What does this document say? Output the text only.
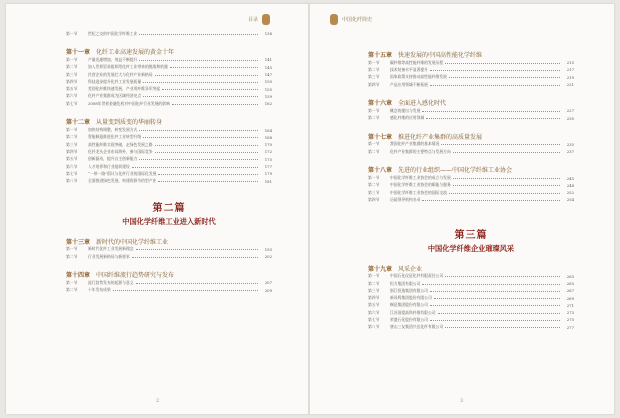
目录
第一节	世纪之交的中国化学纤维工业	136
第十一章 化纤工业高速发展的黄金十年
第一节	产量迅速增加，效益不断提升	141
第二节	加入世界贸易组织给化纤工业带来的挑战和机遇	145
第三节	民营企业的发展壮大与化纤产业新格局	147
第四节	科技进步提升化纤工业发展质量	150
第五节	差别化纤维快速发展，产业用纤维异军突起	155
第六节	化纤产业集群成为区域经济亮点	159
第七节	2008年世界金融危机对中国化纤行业发展的影响	162
第十二章 从量变到质变的华丽转身
第一节	加快结构调整，转变发展方式	164
第二节	智能制造推进化纤工业转型升级	168
第三节	高性能纤维实现突破，走绿色发展之路	170
第四节	化纤龙头企业布局海外，参与国际竞争	172
第五节	创新驱动，提升自主创新能力	175
第六节	人才培养和行业组织建设	177
第七节	“一带一路”倡议与化纤行业的国际化发展	179
第八节	全面推进绿色发展，构建资源节约型产业	181
第二篇
中国化学纤维工业进入新时代
第十三章 新时代的中国化学纤维工业
第一节	新时代化纤工业发展新理念	193
第二节	行业发展新格局与新要求	202
第十四章 中国纤维流行趋势研究与发布
第一节	流行趋势发布的起源与意义	207
第二节	十年发布成果	209
2
中国化纤简史
第十五章 快速发展的中国高性能化学纤维
第一节	碳纤维等高性能纤维的发展历程	215
第二节	技术装备水平显著提升	217
第三节	国家政策支持推动高性能纤维发展	219
第四节	产品应用领域不断拓展	221
第十六章 全面进入感化时代
第一节	概念的提出与发展	227
第二节	感化纤维的应用领域	230
第十七章 推进化纤产业集群的高质量发展
第一节	我国化纤产业集群的基本情况	235
第二节	化纤产业集群的主要特点与发展方向	237
第十八章 先进的行业组织——中国化学纤维工业协会
第一节	中国化学纤维工业协会的成立与发展	245
第二节	中国化学纤维工业协会的职能与服务	248
第三节	中国化学纤维工业协会的国际交流	252
第四节	历届领导机构名录	254
第三篇
中国化学纤维企业璀璨风采
第十九章 风采企业
第一节	中国石化仪征化纤有限责任公司	263
第二节	恒力集团有限公司	265
第三节	浙江恒逸集团有限公司	267
第四节	新凤鸣集团股份有限公司	269
第五节	桐昆集团股份有限公司	271
第六节	江苏国望高科纤维有限公司	273
第七节	荣盛石化股份有限公司	275
第八节	唐山三友集团兴达化纤有限公司	277
3
